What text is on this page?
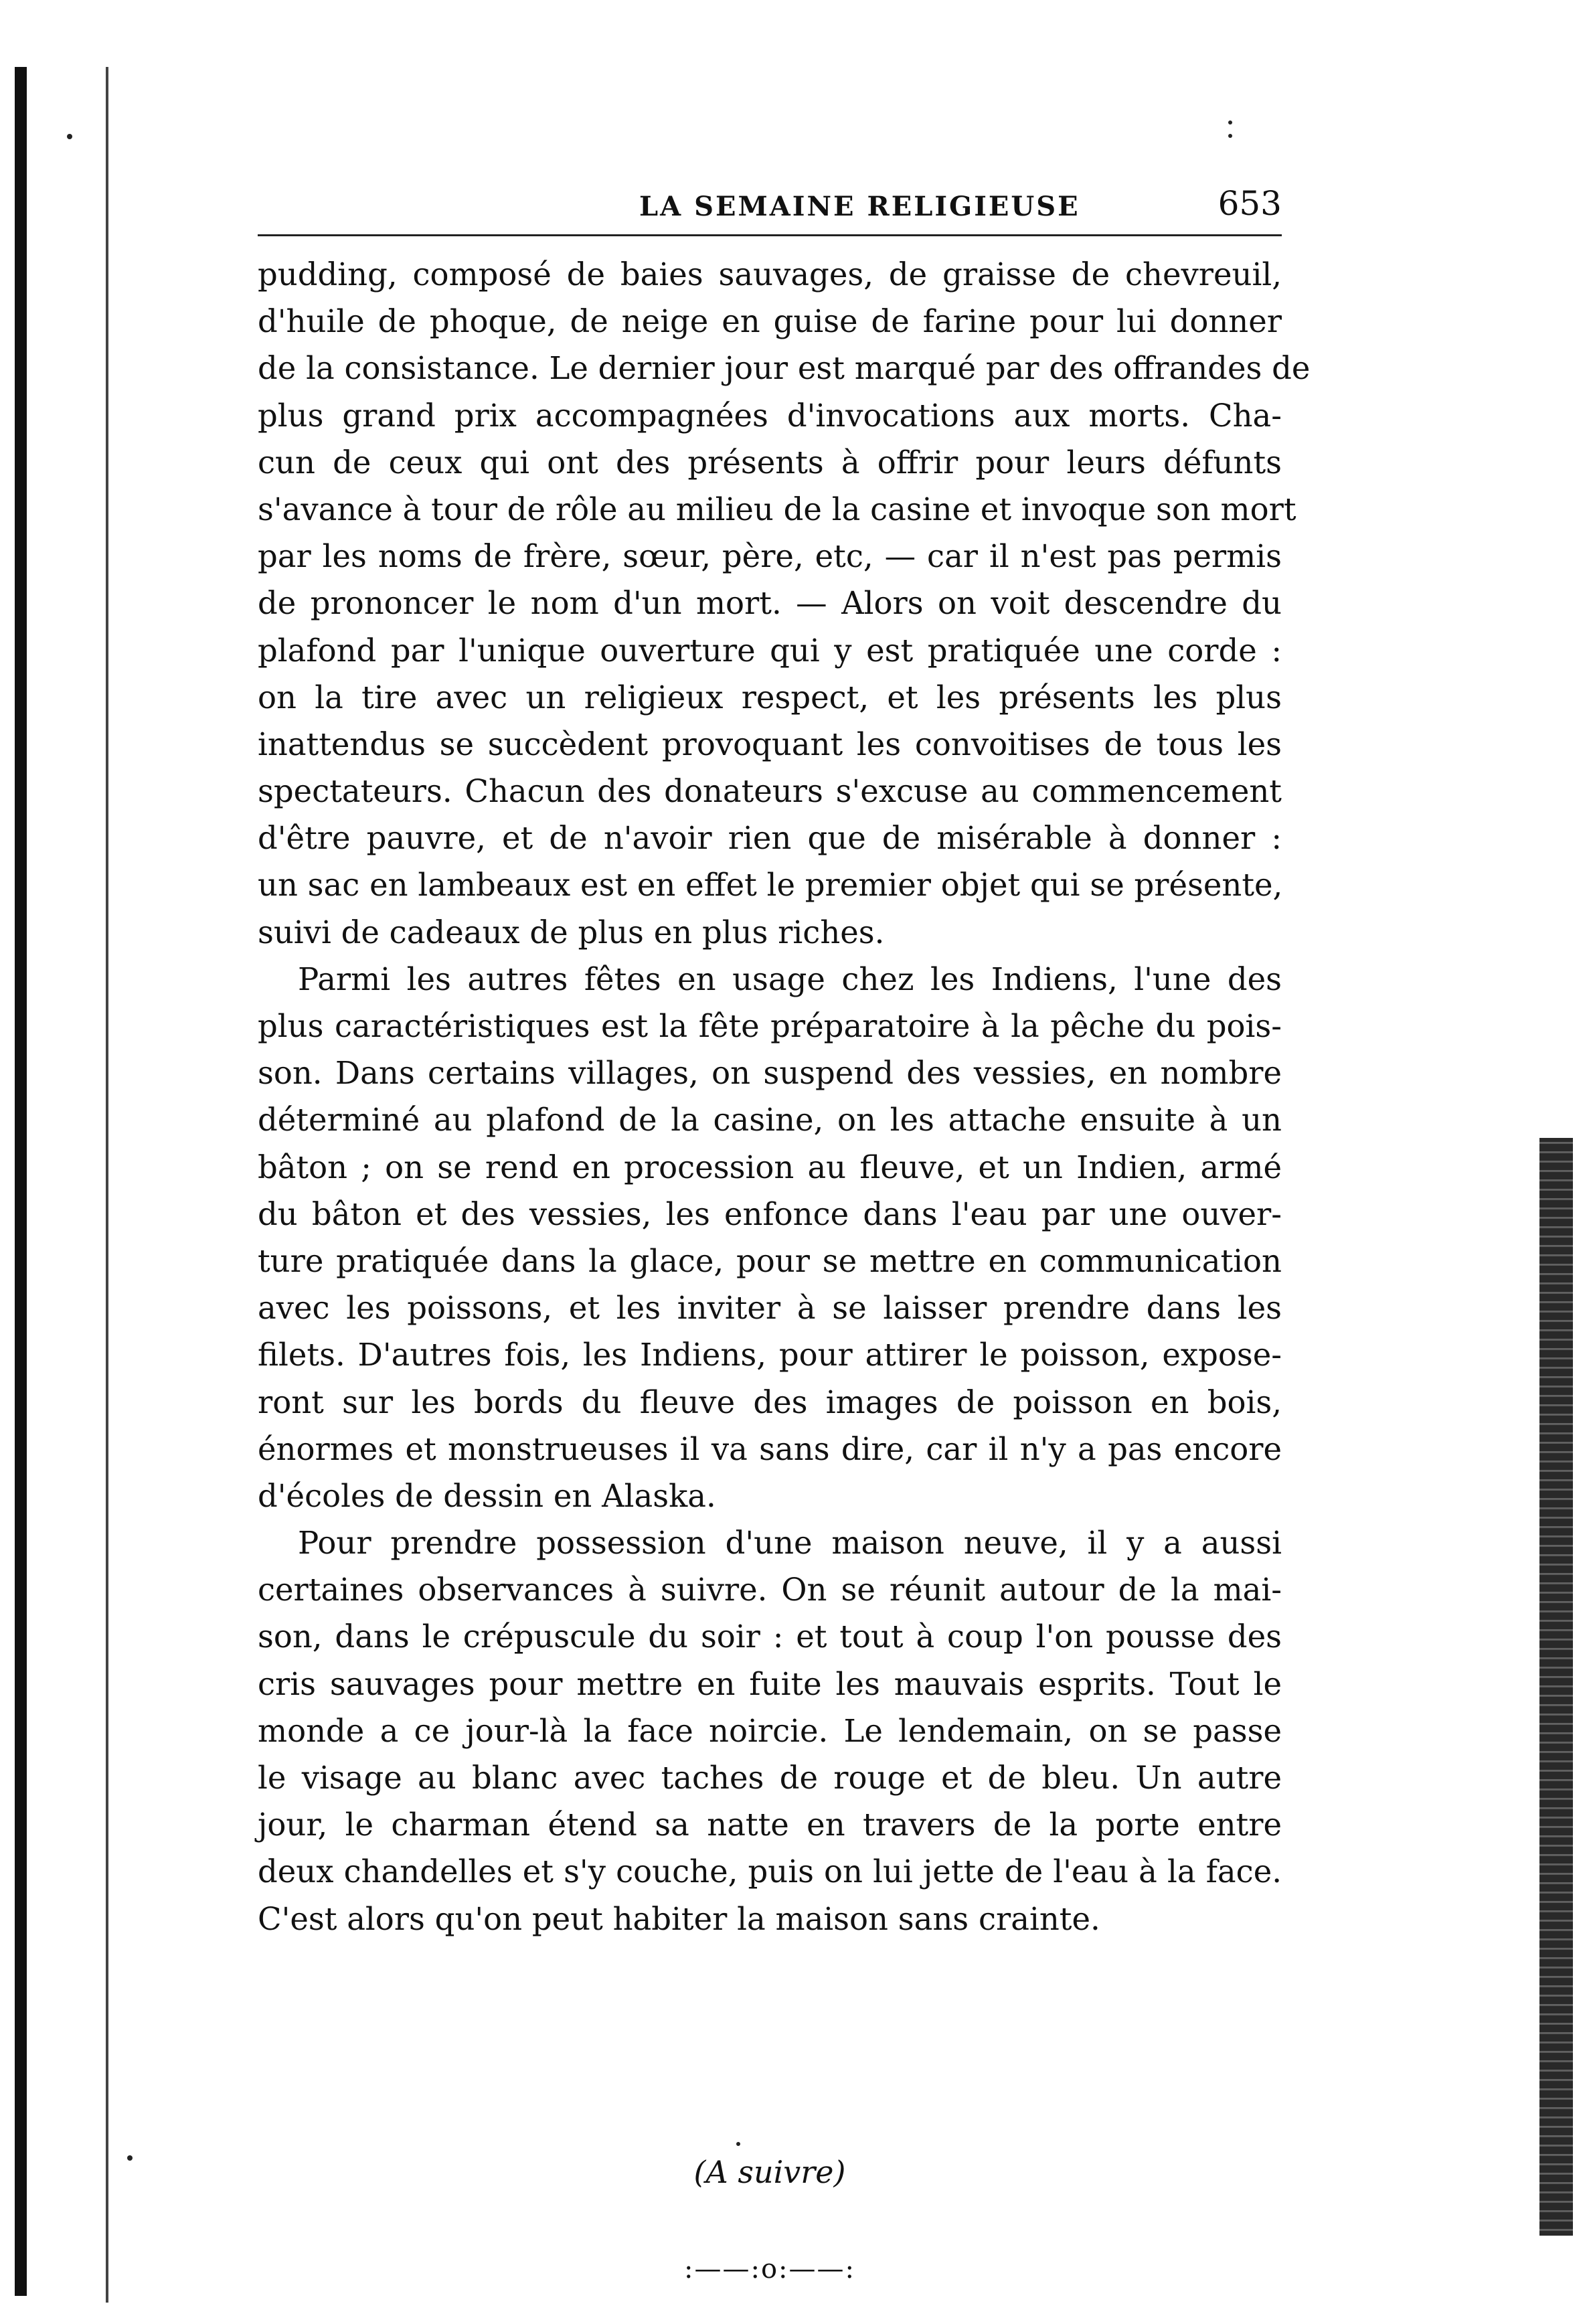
LA SEMAINE RELIGIEUSE	653
pudding, composé de baies sauvages, de graisse de chevreuil,
d'huile de phoque, de neige en guise de farine pour lui donner
de la consistance. Le dernier jour est marqué par des offrandes de
plus grand prix accompagnées d'invocations aux morts. Cha-
cun de ceux qui ont des présents à offrir pour leurs défunts
s'avance à tour de rôle au milieu de la casine et invoque son mort
par les noms de frère, sœur, père, etc, — car il n'est pas permis
de prononcer le nom d'un mort. — Alors on voit descendre du
plafond par l'unique ouverture qui y est pratiquée une corde :
on la tire avec un religieux respect, et les présents les plus
inattendus se succèdent provoquant les convoitises de tous les
spectateurs. Chacun des donateurs s'excuse au commencement
d'être pauvre, et de n'avoir rien que de misérable à donner :
un sac en lambeaux est en effet le premier objet qui se présente,
suivi de cadeaux de plus en plus riches.
Parmi les autres fêtes en usage chez les Indiens, l'une des
plus caractéristiques est la fête préparatoire à la pêche du pois-
son. Dans certains villages, on suspend des vessies, en nombre
déterminé au plafond de la casine, on les attache ensuite à un
bâton ; on se rend en procession au fleuve, et un Indien, armé
du bâton et des vessies, les enfonce dans l'eau par une ouver-
ture pratiquée dans la glace, pour se mettre en communication
avec les poissons, et les inviter à se laisser prendre dans les
filets. D'autres fois, les Indiens, pour attirer le poisson, expose-
ront sur les bords du fleuve des images de poisson en bois,
énormes et monstrueuses il va sans dire, car il n'y a pas encore
d'écoles de dessin en Alaska.
Pour prendre possession d'une maison neuve, il y a aussi
certaines observances à suivre. On se réunit autour de la mai-
son, dans le crépuscule du soir : et tout à coup l'on pousse des
cris sauvages pour mettre en fuite les mauvais esprits. Tout le
monde a ce jour-là la face noircie. Le lendemain, on se passe
le visage au blanc avec taches de rouge et de bleu. Un autre
jour, le charman étend sa natte en travers de la porte entre
deux chandelles et s'y couche, puis on lui jette de l'eau à la face.
C'est alors qu'on peut habiter la maison sans crainte.
(A suivre)
:——:o:——:
